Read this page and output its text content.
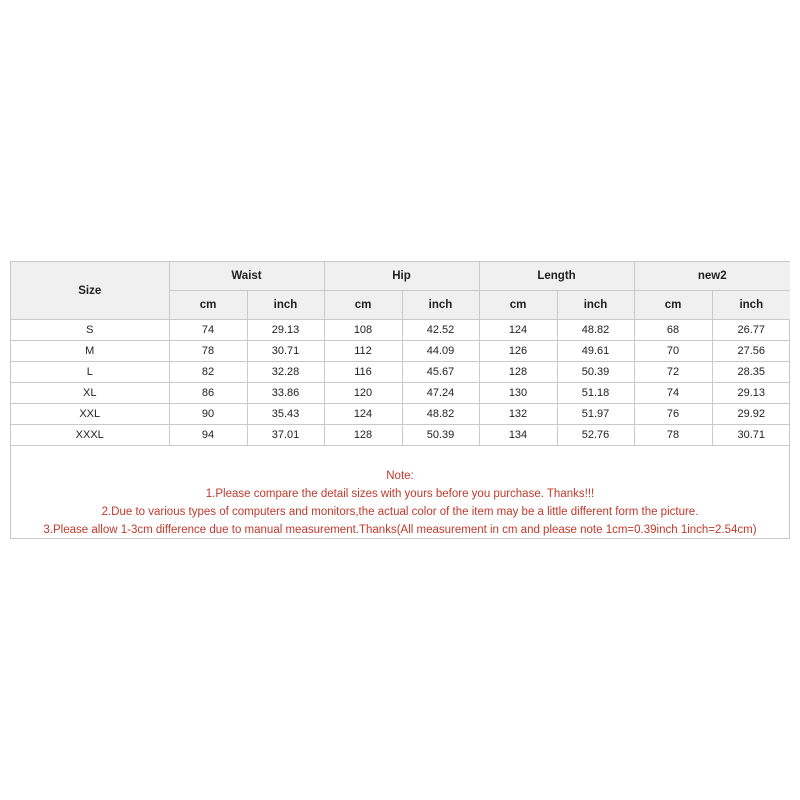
Size	Waist		Hip		Length		new2	
	cm	inch	cm	inch	cm	inch	cm	inch
S	74	29.13	108	42.52	124	48.82	68	26.77
M	78	30.71	112	44.09	126	49.61	70	27.56
L	82	32.28	116	45.67	128	50.39	72	28.35
XL	86	33.86	120	47.24	130	51.18	74	29.13
XXL	90	35.43	124	48.82	132	51.97	76	29.92
XXXL	94	37.01	128	50.39	134	52.76	78	30.71
Note:
1.Please compare the detail sizes with yours before you purchase. Thanks!!!
2.Due to various types of computers and monitors,the actual color of the item may be a little different form the picture.
3.Please allow 1-3cm difference due to manual measurement.Thanks(All measurement in cm and please note 1cm=0.39inch 1inch=2.54cm)
